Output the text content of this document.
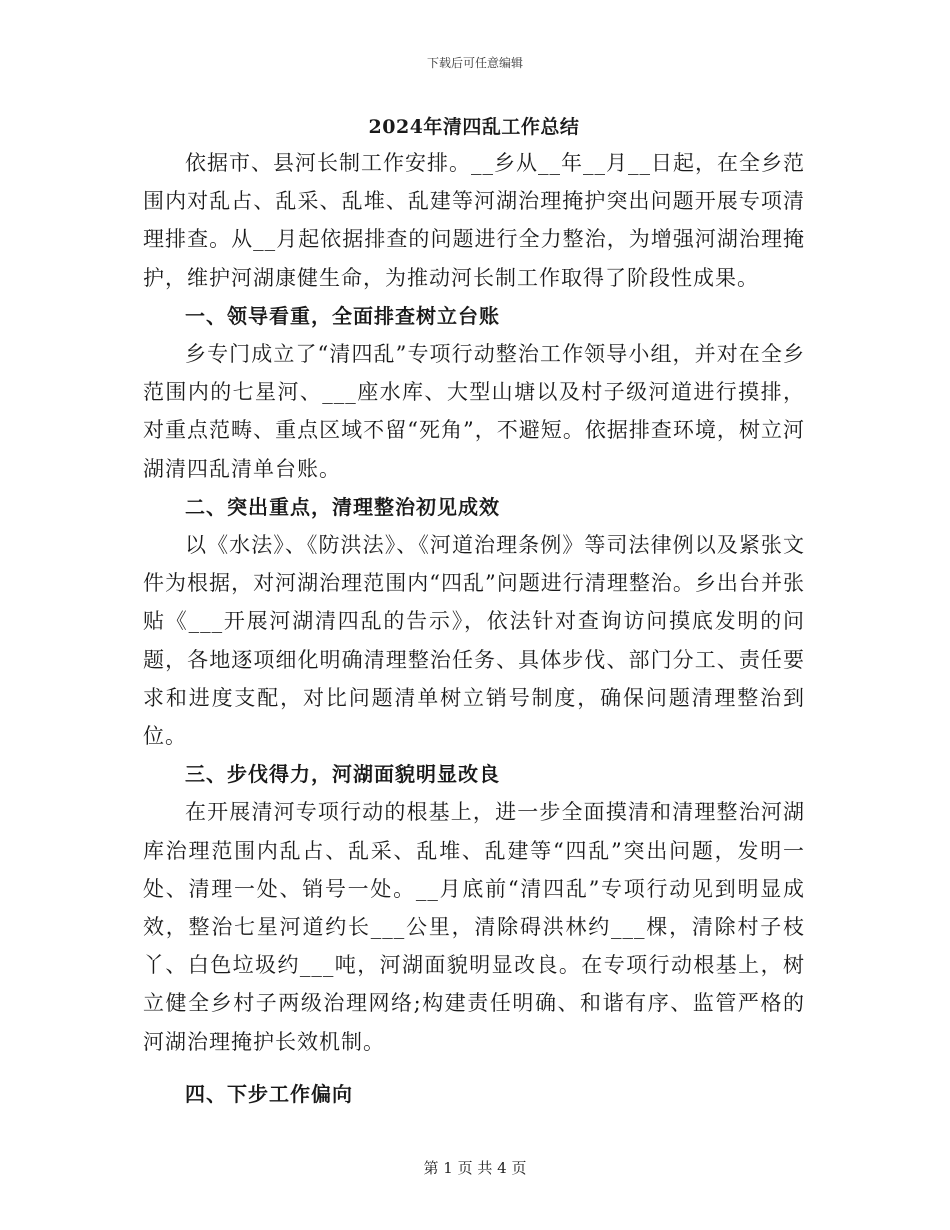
下载后可任意编辑
2024年清四乱工作总结

依据市、县河长制工作安排。__乡从__年__月__日起，在全乡范围内对乱占、乱采、乱堆、乱建等河湖治理掩护突出问题开展专项清理排查。从__月起依据排查的问题进行全力整治，为增强河湖治理掩护，维护河湖康健生命，为推动河长制工作取得了阶段性成果。

一、领导看重，全面排查树立台账

乡专门成立了“清四乱”专项行动整治工作领导小组，并对在全乡范围内的七星河、___座水库、大型山塘以及村子级河道进行摸排，对重点范畴、重点区域不留“死角”，不避短。依据排查环境，树立河湖清四乱清单台账。

二、突出重点，清理整治初见成效

以《水法》、《防洪法》、《河道治理条例》等司法律例以及紧张文件为根据，对河湖治理范围内“四乱”问题进行清理整治。乡出台并张贴《___开展河湖清四乱的告示》，依法针对查询访问摸底发明的问题，各地逐项细化明确清理整治任务、具体步伐、部门分工、责任要求和进度支配，对比问题清单树立销号制度，确保问题清理整治到位。

三、步伐得力，河湖面貌明显改良

在开展清河专项行动的根基上，进一步全面摸清和清理整治河湖库治理范围内乱占、乱采、乱堆、乱建等“四乱”突出问题，发明一处、清理一处、销号一处。__月底前“清四乱”专项行动见到明显成效，整治七星河道约长___公里，清除碍洪林约___棵，清除村子枝丫、白色垃圾约___吨，河湖面貌明显改良。在专项行动根基上，树立健全乡村子两级治理网络;构建责任明确、和谐有序、监管严格的河湖治理掩护长效机制。

四、下步工作偏向
第 1 页 共 4 页
